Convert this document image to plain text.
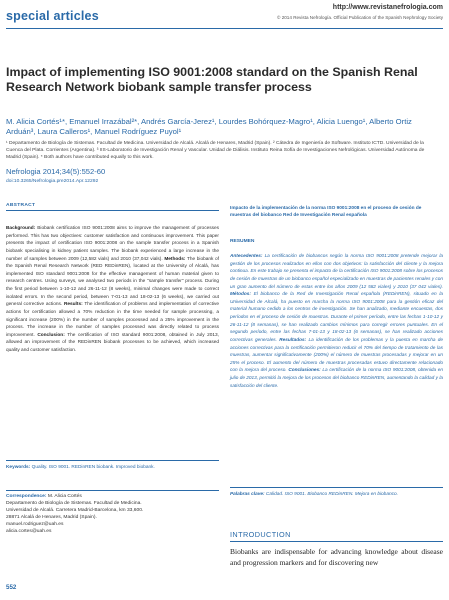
special articles
http://www.revistanefrologia.com
© 2014 Revista Nefrología. Official Publication of the Spanish Nephrology Society
Impact of implementing ISO 9001:2008 standard on the Spanish Renal Research Network biobank sample transfer process
M. Alicia Cortés¹*, Emanuel Irrazábal²*, Andrés García-Jerez¹, Lourdes Bohórquez-Magro¹, Alicia Luengo¹, Alberto Ortiz Arduán³, Laura Calleros¹, Manuel Rodríguez Puyol¹
¹ Departamento de Biología de Sistemas. Facultad de Medicina. Universidad de Alcalá. Alcalá de Henares, Madrid (Spain). ² Cátedra de Ingeniería de Software. Instituto ICTD. Universidad de la Cuenca del Plata. Corrientes (Argentina). ³ IIS-Laboratorio de Investigación Renal y Vascular. Unidad de Diálisis. Instituto Reina Sofía de Investigaciones Nefrológicas. Universidad Autónoma de Madrid (Spain). * Both authors have contributed equally to this work.
Nefrologia 2014;34(5):552-60
doi:10.3265/Nefrologia.pre2014.Apr.12292
ABSTRACT
Background: Biobank certification ISO 9001:2008 aims to improve the management of processes performed. This has two objectives: customer satisfaction and continuous improvement. This paper presents the impact of certification ISO 9001:2008 on the sample transfer process in a Spanish biobank specialising in kidney patient samples. The biobank experienced a large increase in the number of samples between 2009 (12,582 vials) and 2010 (37,042 vials). Methods: The biobank of the Spanish Renal Research Network (RED REDinREN), located at the University of Alcalá, has implemented ISO standard 9001:2008 for the effective management of human material given to research centres. Using surveys, we analysed two periods in the "sample transfer" process. During the first period between 1-10-12 and 26-11-12 (8 weeks), minimal changes were made to correct isolated errors. In the second period, between 7-01-13 and 18-02-13 (6 weeks), we carried out general corrective actions. Results: The identification of problems and implementation of corrective actions for certification allowed a 70% reduction in the time needed for sample processing, a significant increase (200%) in the number of samples processed and a 25% improvement in the process. The increase in the number of samples processed was directly related to process improvement. Conclusion: The certification of ISO standard 9001:2008, obtained in July 2013, allowed an improvement of the REDinREN biobank processes to be achieved, which increased quality and customer satisfaction.
Keywords: Quality. ISO 9001. REDinREN biobank. Improved biobank.
Correspondence: M. Alicia Cortés
Departamento de Biología de Sistemas. Facultad de Medicina.
Universidad de Alcalá. Carretera Madrid-Barcelona, km 33,600.
28871 Alcalá de Henares, Madrid (Spain).
manuel.rodriguez@uah.es
alicia.cortes@uah.es
Impacto de la implementación de la norma ISO 9001:2008 en el proceso de cesión de muestras del biobanco Red de Investigación Renal española
RESUMEN
Antecedentes: La certificación de biobancos según la norma ISO 9001:2008 pretende mejorar la gestión de los procesos realizados en ellos con dos objetivos: la satisfacción del cliente y la mejora continua. En este trabajo se presenta el impacto de la certificación ISO 9001:2008 sobre los procesos de cesión de muestras de un biobanco español especializado en muestras de pacientes renales y con un gran aumento del número de estas entre los años 2009 (12 582 viales) y 2010 (37 042 viales). Métodos: El biobanco de la Red de Investigación Renal española (REDinREN), situado en la Universidad de Alcalá, ha puesto en marcha la norma ISO 9001:2008 para la gestión eficaz del material humano cedido a los centros de investigación. Se han analizado, mediante encuestas, dos períodos en el proceso de cesión de muestras. Durante el primer período, entre las fechas 1-10-12 y 26-11-12 (8 semanas), se han realizado cambios mínimos para corregir errores puntuales. En el segundo período, entre las fechas 7-01-13 y 18-02-13 (6 semanas), se han realizado acciones correctivas generales. Resultados: La identificación de los problemas y la puesta en marcha de acciones correctivas para la certificación permitieron reducir el 70% del tiempo de tratamiento de las muestras, aumentar significativamente (200%) el número de muestras procesadas y mejorar en un 25% el proceso. El aumento del número de muestras procesadas estuvo directamente relacionado con la mejora del proceso. Conclusiones: La certificación de la norma ISO 9001:2008, obtenida en julio de 2013, permitió la mejora de los procesos del biobanco REDinREN, aumentando la calidad y la satisfacción del cliente.
Palabras clave: Calidad. ISO 9001. Biobanco REDinREN. Mejora en biobanco.
INTRODUCTION
Biobanks are indispensable for advancing knowledge about disease and progression markers and for discovering new
552
